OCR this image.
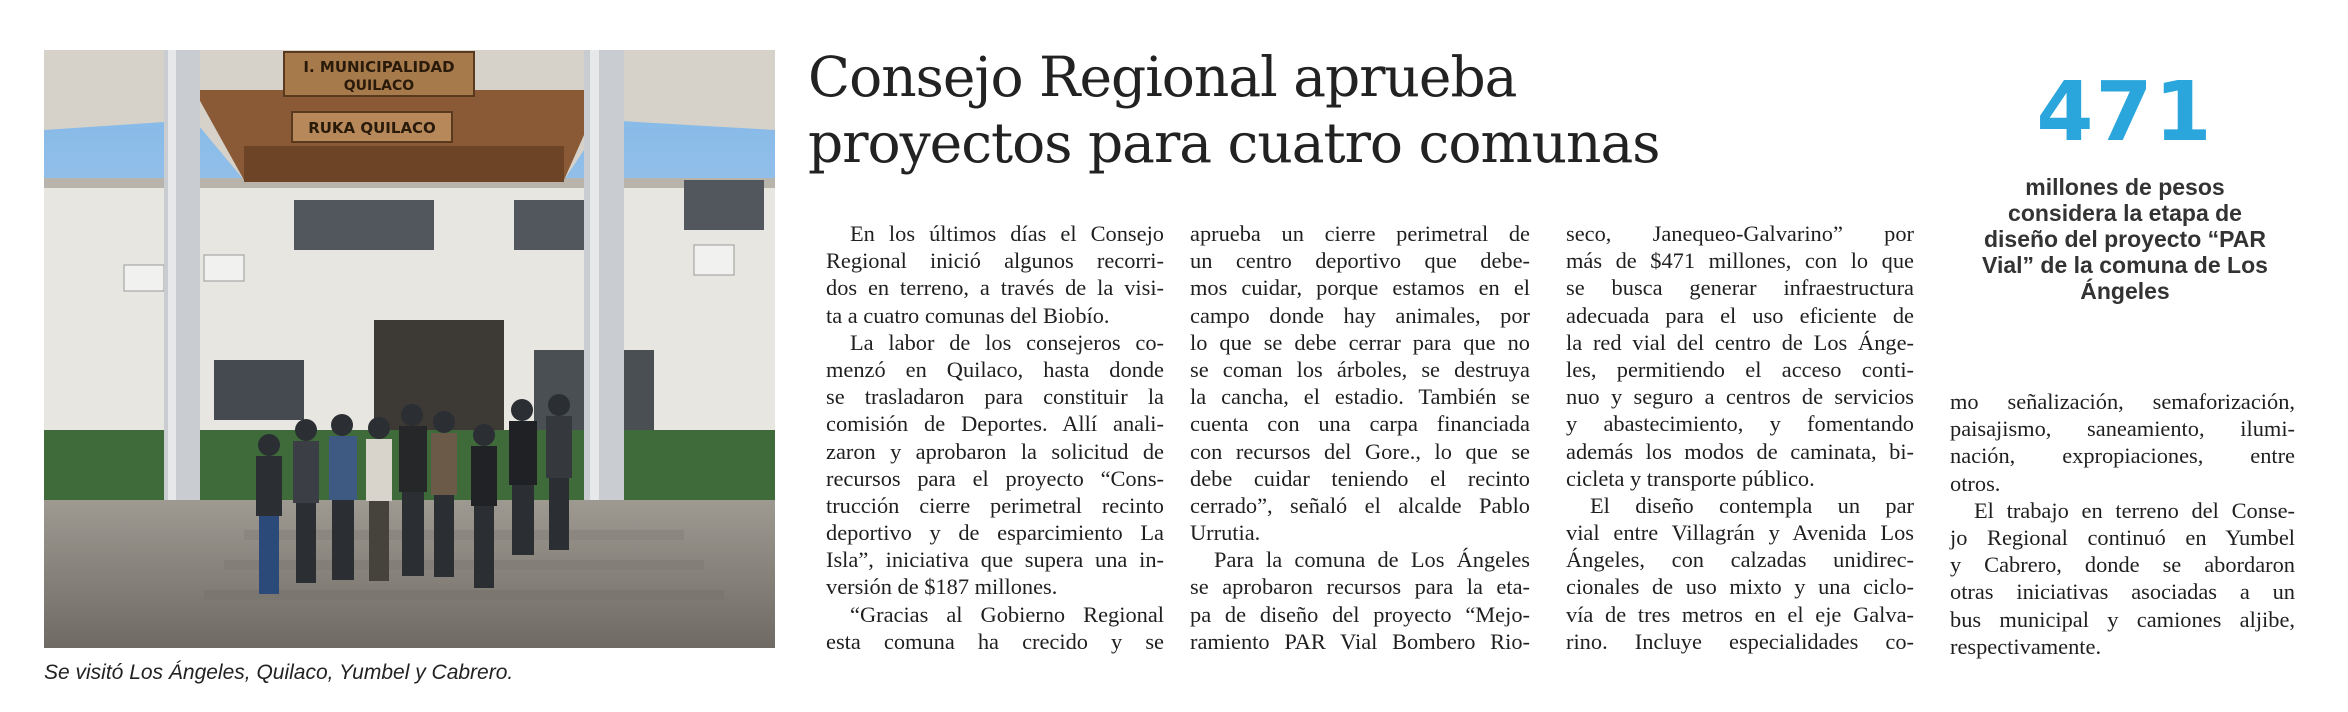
I. MUNICIPALIDAD
QUILACO
RUKA QUILACO
Se visitó Los Ángeles, Quilaco, Yumbel y Cabrero.
Consejo Regional aprueba
proyectos para cuatro comunas	471
millones de pesos
considera la etapa de
diseño del proyecto “PAR
Vial” de la comuna de Los
Ángeles
En los últimos días el Consejo
Regional inició algunos recorri-
dos en terreno, a través de la visi-
ta a cuatro comunas del Biobío.
La labor de los consejeros co-
menzó en Quilaco, hasta donde
se trasladaron para constituir la
comisión de Deportes. Allí anali-
zaron y aprobaron la solicitud de
recursos para el proyecto “Cons-
trucción cierre perimetral recinto
deportivo y de esparcimiento La
Isla”, iniciativa que supera una in-
versión de $187 millones.
“Gracias al Gobierno Regional
esta comuna ha crecido y se
aprueba un cierre perimetral de
un centro deportivo que debe-
mos cuidar, porque estamos en el
campo donde hay animales, por
lo que se debe cerrar para que no
se coman los árboles, se destruya
la cancha, el estadio. También se
cuenta con una carpa financiada
con recursos del Gore., lo que se
debe cuidar teniendo el recinto
cerrado”, señaló el alcalde Pablo
Urrutia.
Para la comuna de Los Ángeles
se aprobaron recursos para la eta-
pa de diseño del proyecto “Mejo-
ramiento PAR Vial Bombero Rio-
seco, Janequeo-Galvarino” por
más de $471 millones, con lo que
se busca generar infraestructura
adecuada para el uso eficiente de
la red vial del centro de Los Ánge-
les, permitiendo el acceso conti-
nuo y seguro a centros de servicios
y abastecimiento, y fomentando
además los modos de caminata, bi-
cicleta y transporte público.
El diseño contempla un par
vial entre Villagrán y Avenida Los
Ángeles, con calzadas unidirec-
cionales de uso mixto y una ciclo-
vía de tres metros en el eje Galva-
rino. Incluye especialidades co-
mo señalización, semaforización,
paisajismo, saneamiento, ilumi-
nación, expropiaciones, entre
otros.
El trabajo en terreno del Conse-
jo Regional continuó en Yumbel
y Cabrero, donde se abordaron
otras iniciativas asociadas a un
bus municipal y camiones aljibe,
respectivamente.
